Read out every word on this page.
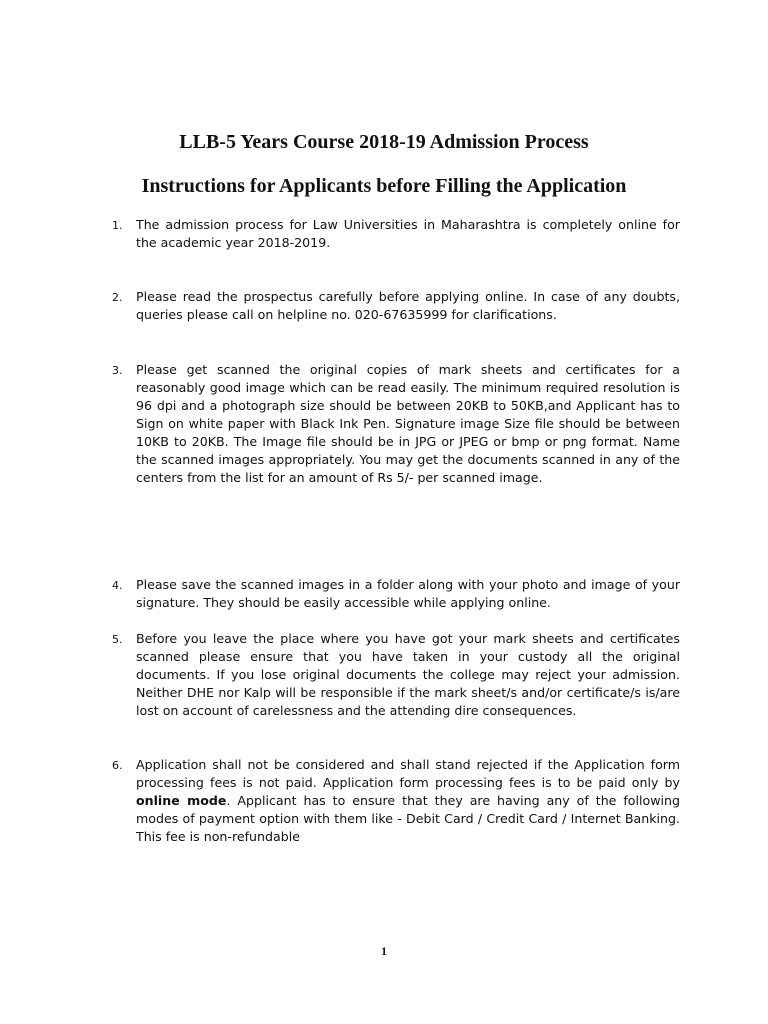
LLB-5 Years Course 2018-19 Admission Process
Instructions for Applicants before Filling the Application
1.	The admission process for Law Universities in Maharashtra is completely online for the academic year 2018-2019.
2.	Please read the prospectus carefully before applying online. In case of any doubts, queries please call on helpline no. 020-67635999 for clarifications.
3.	Please get scanned the original copies of mark sheets and certificates for a reasonably good image which can be read easily. The minimum required resolution is 96 dpi and a photograph size should be between 20KB to 50KB,and Applicant has to Sign on white paper with Black Ink Pen. Signature image Size file should be between 10KB to 20KB. The Image file should be in JPG or JPEG or bmp or png format. Name the scanned images appropriately. You may get the documents scanned in any of the centers from the list for an amount of Rs 5/- per scanned image.
4.	Please save the scanned images in a folder along with your photo and image of your signature. They should be easily accessible while applying online.
5.	Before you leave the place where you have got your mark sheets and certificates scanned please ensure that you have taken in your custody all the original documents. If you lose original documents the college may reject your admission. Neither DHE nor Kalp will be responsible if the mark sheet/s and/or certificate/s is/are lost on account of carelessness and the attending dire consequences.
6.	Application shall not be considered and shall stand rejected if the Application form processing fees is not paid. Application form processing fees is to be paid only by online mode. Applicant has to ensure that they are having any of the following modes of payment option with them like - Debit Card / Credit Card / Internet Banking. This fee is non-refundable
1
